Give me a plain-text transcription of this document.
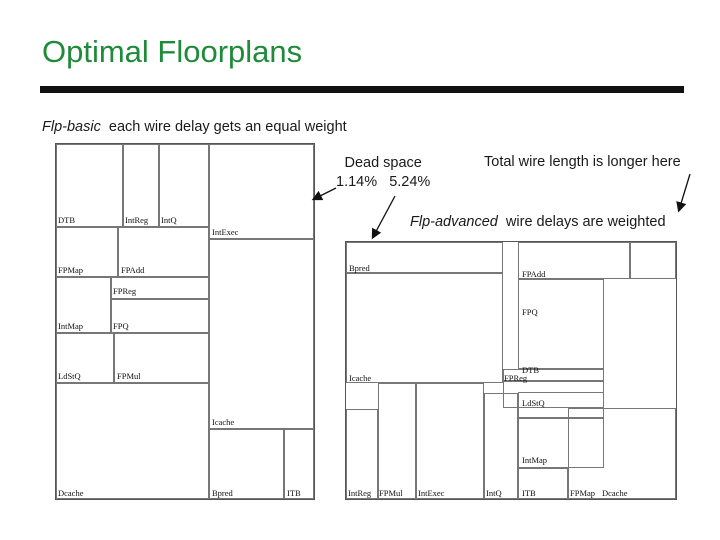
Optimal Floorplans
Flp-basic each wire delay gets an equal weight
Dead space
1.14%   5.24%
Total wire length is longer here
Flp-advanced wire delays are weighted
DTB	IntReg IntQ
IntExec
FPMap	FPAdd
FPReg
IntMap	FPQ
LdStQ	FPMul
Icache
Dcache	Bpred	ITB
Bpred
FPAdd
FPQ
DTB
Icache	FPReg
LdStQ
IntMap
IntReg FPMul IntExec	IntQ ITB	FPMap Dcache
